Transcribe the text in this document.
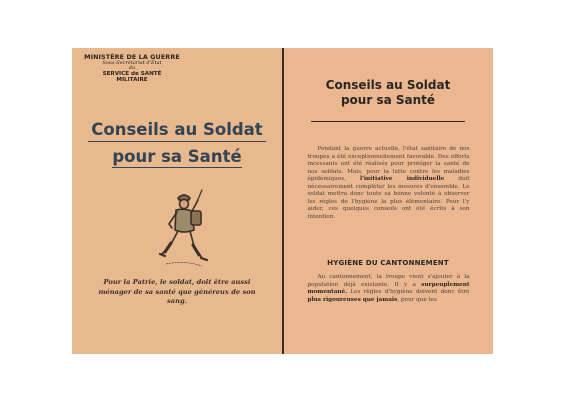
MINISTÈRE DE LA GUERRE
Sous-Secrétariat d'État
du
SERVICE de SANTÉ
MILITAIRE
Conseils au Soldat
pour sa Santé
Pour la Patrie, le soldat, doit être aussi ménager de sa santé que généreux de son sang.
Conseils au Soldat
pour sa Santé
Pendant la guerre actuelle, l'état sanitaire de nos troupes a été exceptionnellement favorable. Des efforts incessants ont été réalisés pour protéger la santé de nos soldats. Mais, pour la lutte contre les maladies épidémiques, l'initiative individuelle doit nécessairement compléter les mesures d'ensemble. Le soldat mettra donc toute sa bonne volonté à observer les règles de l'hygiène la plus élémentaire. Pour l'y aider, ces quelques conseils ont été écrits à son intention.
HYGIÈNE DU CANTONNEMENT
Au cantonnement, la troupe vient s'ajouter à la population déjà existante. Il y a surpeuplement momentané. Les règles d'hygiène doivent donc être plus rigoureuses que jamais, pour que les
